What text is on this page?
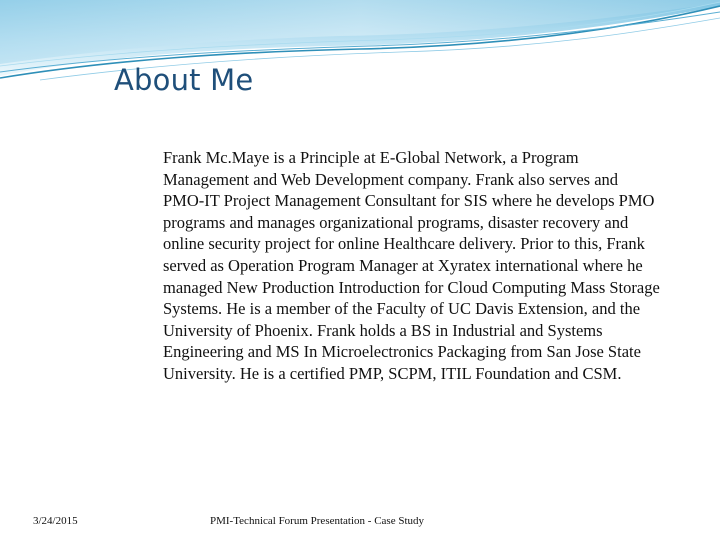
About Me

Frank Mc.Maye is a Principle at E-Global Network, a Program Management and Web Development company. Frank also serves and PMO-IT Project Management Consultant for SIS where he develops PMO programs and manages organizational programs, disaster recovery and online security project for online Healthcare delivery. Prior to this, Frank served as Operation Program Manager at Xyratex international where he managed New Production Introduction for Cloud Computing Mass Storage Systems. He is a member of the Faculty of UC Davis Extension, and the University of Phoenix. Frank holds a BS in Industrial and Systems Engineering and MS In Microelectronics Packaging from San Jose State University. He is a certified PMP, SCPM, ITIL Foundation and CSM.

3/24/2015	PMI-Technical Forum Presentation - Case Study
